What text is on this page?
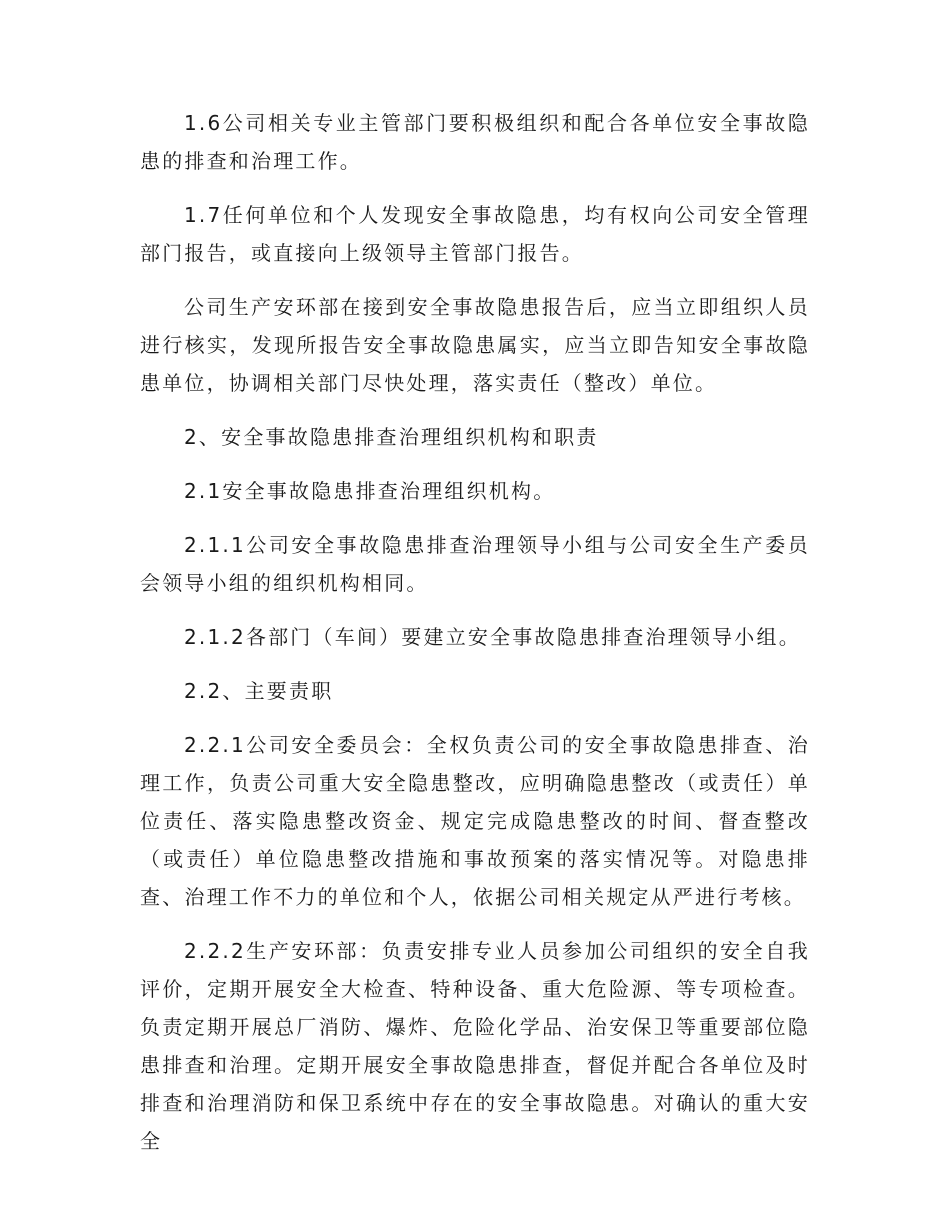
1.6公司相关专业主管部门要积极组织和配合各单位安全事故隐患的排查和治理工作。

1.7任何单位和个人发现安全事故隐患，均有权向公司安全管理部门报告，或直接向上级领导主管部门报告。

公司生产安环部在接到安全事故隐患报告后，应当立即组织人员进行核实，发现所报告安全事故隐患属实，应当立即告知安全事故隐患单位，协调相关部门尽快处理，落实责任（整改）单位。

2、安全事故隐患排查治理组织机构和职责

2.1安全事故隐患排查治理组织机构。

2.1.1公司安全事故隐患排查治理领导小组与公司安全生产委员会领导小组的组织机构相同。

2.1.2各部门（车间）要建立安全事故隐患排查治理领导小组。

2.2、主要责职

2.2.1公司安全委员会：全权负责公司的安全事故隐患排查、治理工作，负责公司重大安全隐患整改，应明确隐患整改（或责任）单位责任、落实隐患整改资金、规定完成隐患整改的时间、督查整改（或责任）单位隐患整改措施和事故预案的落实情况等。对隐患排查、治理工作不力的单位和个人，依据公司相关规定从严进行考核。

2.2.2生产安环部：负责安排专业人员参加公司组织的安全自我评价，定期开展安全大检查、特种设备、重大危险源、等专项检查。负责定期开展总厂消防、爆炸、危险化学品、治安保卫等重要部位隐患排查和治理。定期开展安全事故隐患排查，督促并配合各单位及时排查和治理消防和保卫系统中存在的安全事故隐患。对确认的重大安全
